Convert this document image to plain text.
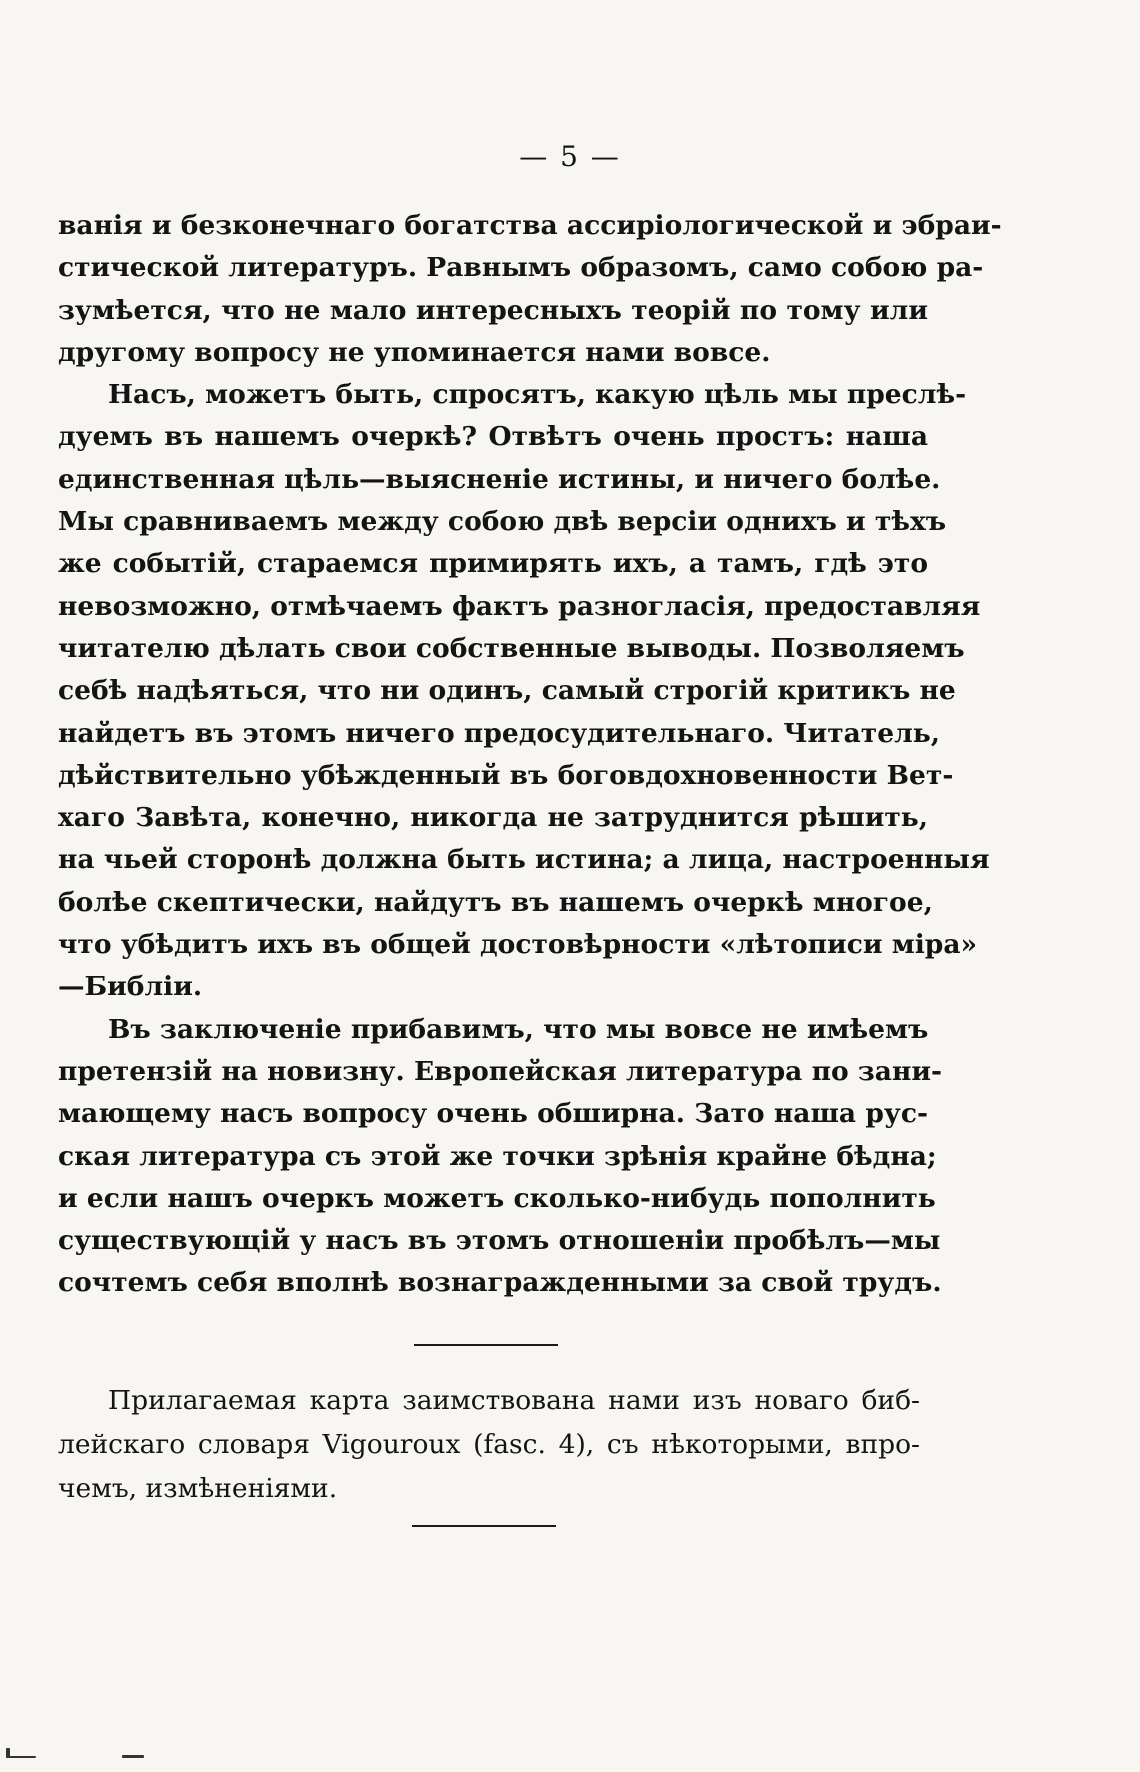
— 5 —
ванія и безконечнаго богатства ассиріологической и эбраи-
стической литературъ. Равнымъ образомъ, само собою ра-
зумѣется, что не мало интересныхъ теорій по тому или
другому вопросу не упоминается нами вовсе.
Насъ, можетъ быть, спросятъ, какую цѣль мы преслѣ-
дуемъ въ нашемъ очеркѣ? Отвѣтъ очень простъ: наша
единственная цѣль—выясненіе истины, и ничего болѣе.
Мы сравниваемъ между собою двѣ версіи однихъ и тѣхъ
же событій, стараемся примирять ихъ, а тамъ, гдѣ это
невозможно, отмѣчаемъ фактъ разногласія, предоставляя
читателю дѣлать свои собственные выводы. Позволяемъ
себѣ надѣяться, что ни одинъ, самый строгій критикъ не
найдетъ въ этомъ ничего предосудительнаго. Читатель,
дѣйствительно убѣжденный въ боговдохновенности Вет-
хаго Завѣта, конечно, никогда не затруднится рѣшить,
на чьей сторонѣ должна быть истина; а лица, настроенныя
болѣе скептически, найдутъ въ нашемъ очеркѣ многое,
что убѣдитъ ихъ въ общей достовѣрности «лѣтописи міра»
—Библіи.
Въ заключеніе прибавимъ, что мы вовсе не имѣемъ
претензій на новизну. Европейская литература по зани-
мающему насъ вопросу очень обширна. Зато наша рус-
ская литература съ этой же точки зрѣнія крайне бѣдна;
и если нашъ очеркъ можетъ сколько-нибудь пополнить
существующій у насъ въ этомъ отношеніи пробѣлъ—мы
сочтемъ себя вполнѣ вознагражденными за свой трудъ.
Прилагаемая карта заимствована нами изъ новаго биб-
лейскаго словаря Vigouroux (fasc. 4), съ нѣкоторыми, впро-
чемъ, измѣненіями.
